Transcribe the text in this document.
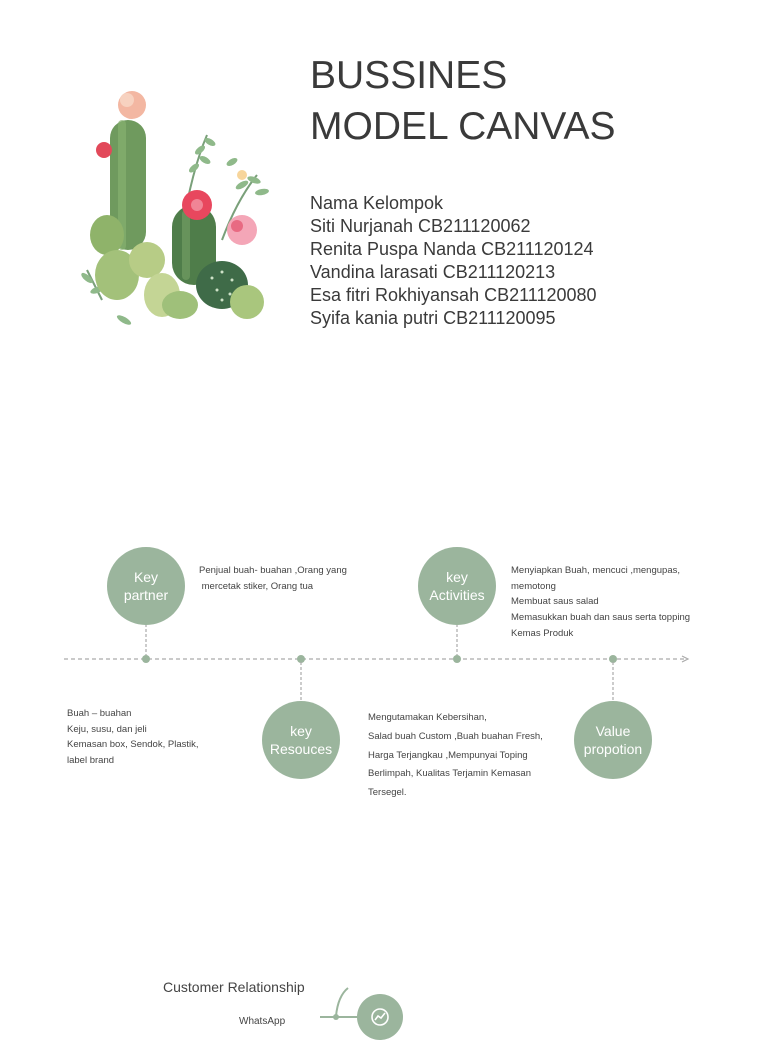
BUSSINES
MODEL CANVAS
Nama Kelompok
Siti Nurjanah CB211120062
Renita Puspa Nanda CB211120124
Vandina larasati CB211120213
Esa fitri Rokhiyansah CB211120080
Syifa kania putri CB211120095
Key
partner
key
Activities
key
Resouces
Value
propotion
Penjual buah- buahan ,Orang yang
mercetak stiker, Orang tua
Menyiapkan Buah, mencuci ,mengupas,
memotong
Membuat saus salad
Memasukkan buah dan saus serta topping
Kemas Produk
Buah – buahan
Keju, susu, dan jeli
Kemasan box, Sendok, Plastik,
label brand
Mengutamakan Kebersihan,
Salad buah Custom ,Buah buahan Fresh,
Harga Terjangkau ,Mempunyai Toping
Berlimpah, Kualitas Terjamin Kemasan
Tersegel.
Customer Relationship
WhatsApp
